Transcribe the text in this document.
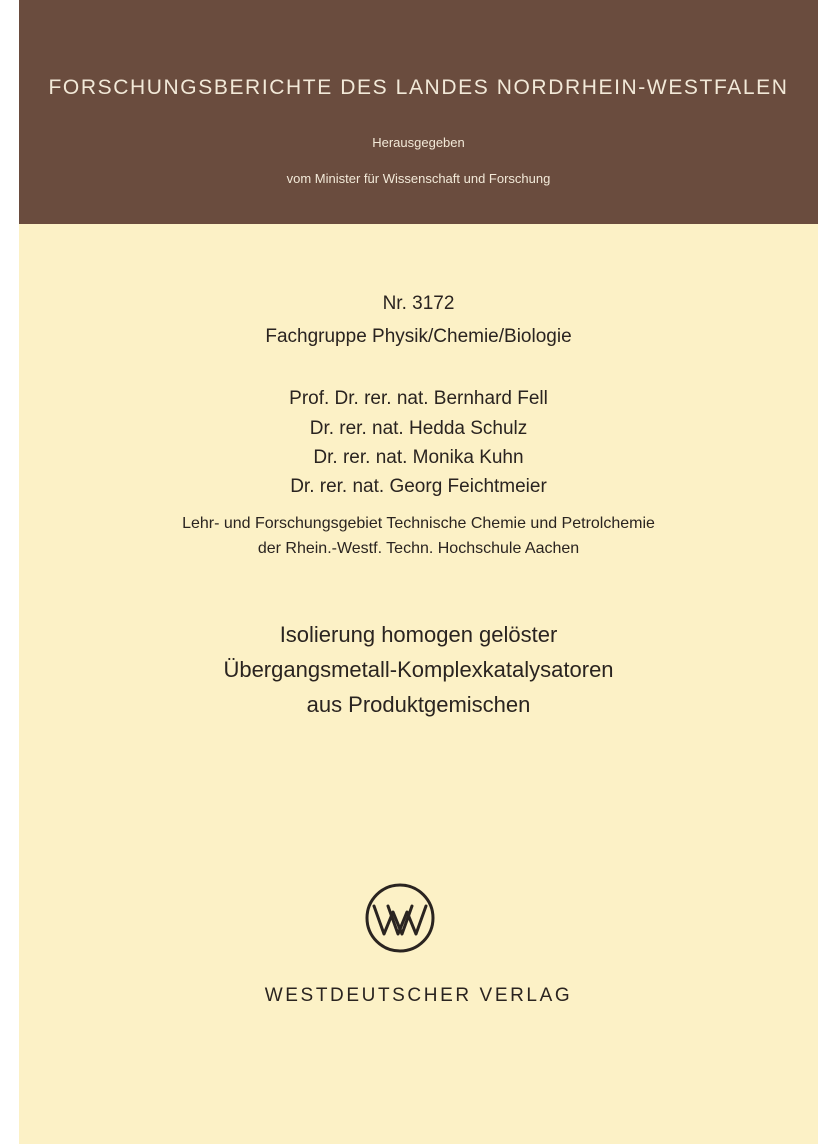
FORSCHUNGSBERICHTE DES LANDES NORDRHEIN-WESTFALEN
Herausgegeben
vom Minister für Wissenschaft und Forschung
Nr. 3172
Fachgruppe Physik/Chemie/Biologie
Prof. Dr. rer. nat. Bernhard Fell
Dr. rer. nat. Hedda Schulz
Dr. rer. nat. Monika Kuhn
Dr. rer. nat. Georg Feichtmeier
Lehr- und Forschungsgebiet Technische Chemie und Petrolchemie
der Rhein.-Westf. Techn. Hochschule Aachen
Isolierung homogen gelöster
Übergangsmetall-Komplexkatalysatoren
aus Produktgemischen
WESTDEUTSCHER VERLAG
